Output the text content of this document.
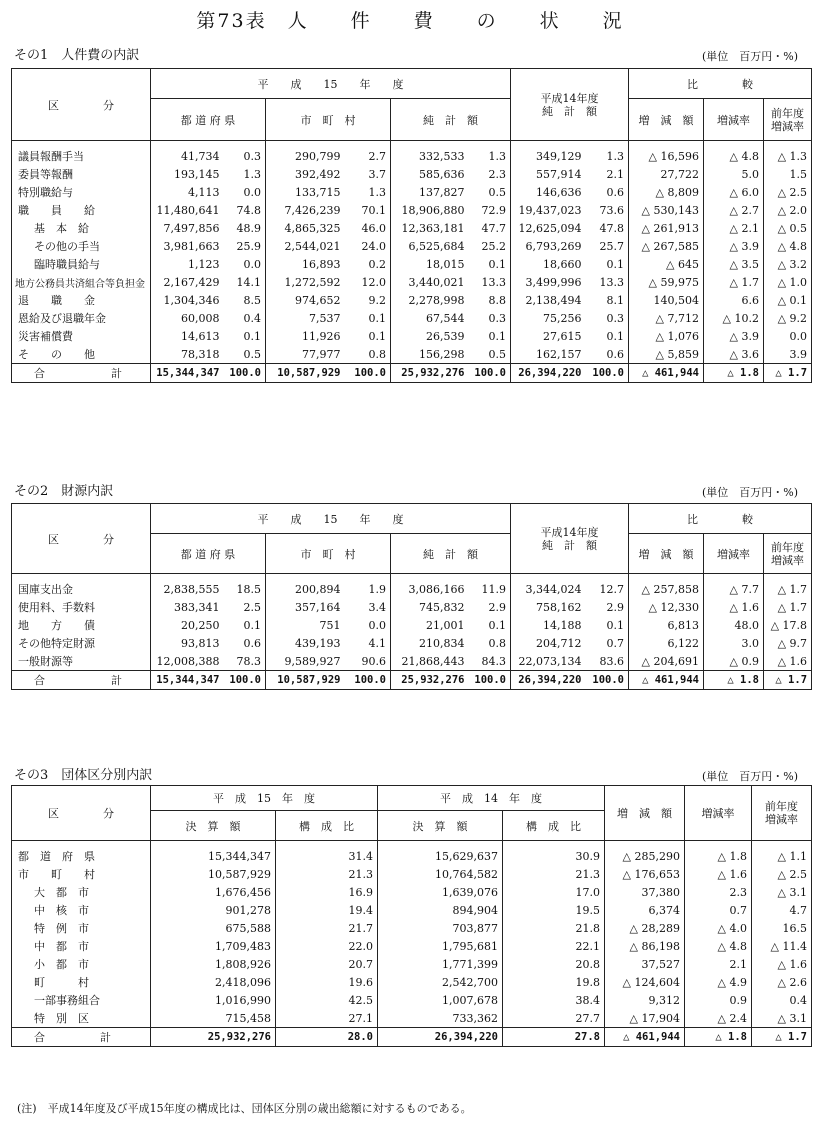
第73表　人　　件　　費　　の　　状　　況
その1　人件費の内訳	(単位　百万円・%)
区　　　　分	平　　成　　15　　年　　度						平成14年度
純　計　額		比　　　　較		
	都 道 府 県		市　町　村		純　計　額				増　減　額	増減率	前年度
増減率
議員報酬手当	41,734	0.3	290,799	2.7	332,533	1.3	349,129	1.3	△ 16,596	△ 4.8	△ 1.3
委員等報酬	193,145	1.3	392,492	3.7	585,636	2.3	557,914	2.1	27,722	5.0	1.5
特別職給与	4,113	0.0	133,715	1.3	137,827	0.5	146,636	0.6	△ 8,809	△ 6.0	△ 2.5
職　　員　　給	11,480,641	74.8	7,426,239	70.1	18,906,880	72.9	19,437,023	73.6	△ 530,143	△ 2.7	△ 2.0
基　本　給	7,497,856	48.9	4,865,325	46.0	12,363,181	47.7	12,625,094	47.8	△ 261,913	△ 2.1	△ 0.5
その他の手当	3,981,663	25.9	2,544,021	24.0	6,525,684	25.2	6,793,269	25.7	△ 267,585	△ 3.9	△ 4.8
臨時職員給与	1,123	0.0	16,893	0.2	18,015	0.1	18,660	0.1	△ 645	△ 3.5	△ 3.2
地方公務員共済組合等負担金	2,167,429	14.1	1,272,592	12.0	3,440,021	13.3	3,499,996	13.3	△ 59,975	△ 1.7	△ 1.0
退　　職　　金	1,304,346	8.5	974,652	9.2	2,278,998	8.8	2,138,494	8.1	140,504	6.6	△ 0.1
恩給及び退職年金	60,008	0.4	7,537	0.1	67,544	0.3	75,256	0.3	△ 7,712	△ 10.2	△ 9.2
災害補償費	14,613	0.1	11,926	0.1	26,539	0.1	27,615	0.1	△ 1,076	△ 3.9	0.0
そ　　の　　他	78,318	0.5	77,977	0.8	156,298	0.5	162,157	0.6	△ 5,859	△ 3.6	3.9
合　　　　　　計	15,344,347	100.0	10,587,929	100.0	25,932,276	100.0	26,394,220	100.0	△ 461,944	△ 1.8	△ 1.7
その2　財源内訳	(単位　百万円・%)
区　　　　分	平　　成　　15　　年　　度						平成14年度
純　計　額		比　　　　較		
	都 道 府 県		市　町　村		純　計　額				増　減　額	増減率	前年度
増減率
国庫支出金	2,838,555	18.5	200,894	1.9	3,086,166	11.9	3,344,024	12.7	△ 257,858	△ 7.7	△ 1.7
使用料、手数料	383,341	2.5	357,164	3.4	745,832	2.9	758,162	2.9	△ 12,330	△ 1.6	△ 1.7
地　　方　　債	20,250	0.1	751	0.0	21,001	0.1	14,188	0.1	6,813	48.0	△ 17.8
その他特定財源	93,813	0.6	439,193	4.1	210,834	0.8	204,712	0.7	6,122	3.0	△ 9.7
一般財源等	12,008,388	78.3	9,589,927	90.6	21,868,443	84.3	22,073,134	83.6	△ 204,691	△ 0.9	△ 1.6
合　　　　　　計	15,344,347	100.0	10,587,929	100.0	25,932,276	100.0	26,394,220	100.0	△ 461,944	△ 1.8	△ 1.7
その3　団体区分別内訳	(単位　百万円・%)
区　　　　分	平　成　15　年　度		平　成　14　年　度		増　減　額	増減率	前年度
増減率
	決　算　額	構　成　比	決　算　額	構　成　比			
都　道　府　県	15,344,347	31.4	15,629,637	30.9	△ 285,290	△ 1.8	△ 1.1
市　　町　　村	10,587,929	21.3	10,764,582	21.3	△ 176,653	△ 1.6	△ 2.5
大　都　市	1,676,456	16.9	1,639,076	17.0	37,380	2.3	△ 3.1
中　核　市	901,278	19.4	894,904	19.5	6,374	0.7	4.7
特　例　市	675,588	21.7	703,877	21.8	△ 28,289	△ 4.0	16.5
中　都　市	1,709,483	22.0	1,795,681	22.1	△ 86,198	△ 4.8	△ 11.4
小　都　市	1,808,926	20.7	1,771,399	20.8	37,527	2.1	△ 1.6
町　　　村	2,418,096	19.6	2,542,700	19.8	△ 124,604	△ 4.9	△ 2.6
一部事務組合	1,016,990	42.5	1,007,678	38.4	9,312	0.9	0.4
特　別　区	715,458	27.1	733,362	27.7	△ 17,904	△ 2.4	△ 3.1
合　　　　　計	25,932,276	28.0	26,394,220	27.8	△ 461,944	△ 1.8	△ 1.7
(注)　平成14年度及び平成15年度の構成比は、団体区分別の歳出総額に対するものである。
